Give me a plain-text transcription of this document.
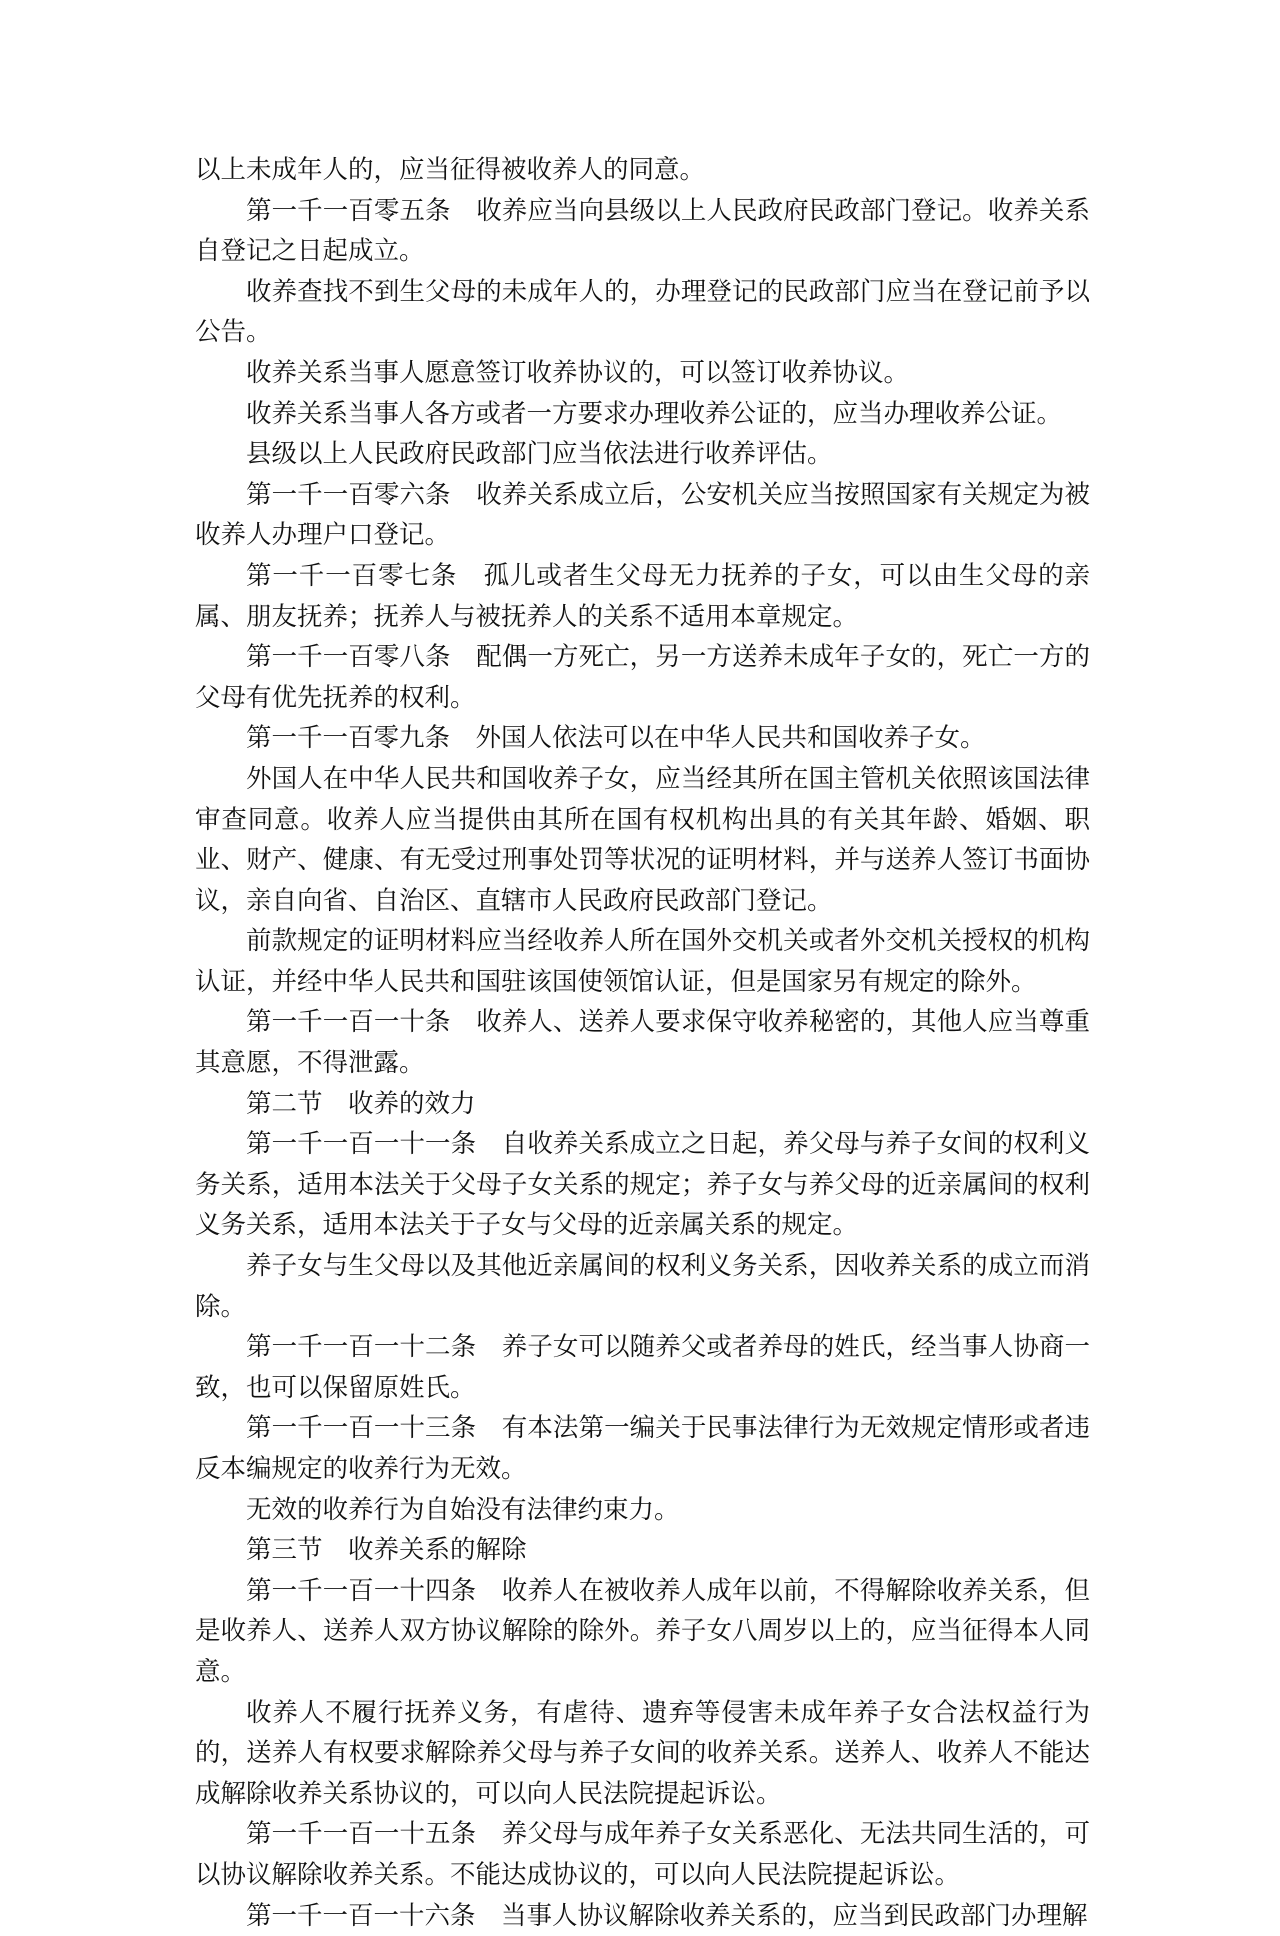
以上未成年人的，应当征得被收养人的同意。

第一千一百零五条　收养应当向县级以上人民政府民政部门登记。收养关系自登记之日起成立。

收养查找不到生父母的未成年人的，办理登记的民政部门应当在登记前予以公告。

收养关系当事人愿意签订收养协议的，可以签订收养协议。

收养关系当事人各方或者一方要求办理收养公证的，应当办理收养公证。

县级以上人民政府民政部门应当依法进行收养评估。

第一千一百零六条　收养关系成立后，公安机关应当按照国家有关规定为被收养人办理户口登记。

第一千一百零七条　孤儿或者生父母无力抚养的子女，可以由生父母的亲属、朋友抚养；抚养人与被抚养人的关系不适用本章规定。

第一千一百零八条　配偶一方死亡，另一方送养未成年子女的，死亡一方的父母有优先抚养的权利。

第一千一百零九条　外国人依法可以在中华人民共和国收养子女。

外国人在中华人民共和国收养子女，应当经其所在国主管机关依照该国法律审查同意。收养人应当提供由其所在国有权机构出具的有关其年龄、婚姻、职业、财产、健康、有无受过刑事处罚等状况的证明材料，并与送养人签订书面协议，亲自向省、自治区、直辖市人民政府民政部门登记。

前款规定的证明材料应当经收养人所在国外交机关或者外交机关授权的机构认证，并经中华人民共和国驻该国使领馆认证，但是国家另有规定的除外。

第一千一百一十条　收养人、送养人要求保守收养秘密的，其他人应当尊重其意愿，不得泄露。

第二节　收养的效力

第一千一百一十一条　自收养关系成立之日起，养父母与养子女间的权利义务关系，适用本法关于父母子女关系的规定；养子女与养父母的近亲属间的权利义务关系，适用本法关于子女与父母的近亲属关系的规定。

养子女与生父母以及其他近亲属间的权利义务关系，因收养关系的成立而消除。

第一千一百一十二条　养子女可以随养父或者养母的姓氏，经当事人协商一致，也可以保留原姓氏。

第一千一百一十三条　有本法第一编关于民事法律行为无效规定情形或者违反本编规定的收养行为无效。

无效的收养行为自始没有法律约束力。

第三节　收养关系的解除

第一千一百一十四条　收养人在被收养人成年以前，不得解除收养关系，但是收养人、送养人双方协议解除的除外。养子女八周岁以上的，应当征得本人同意。

收养人不履行抚养义务，有虐待、遗弃等侵害未成年养子女合法权益行为的，送养人有权要求解除养父母与养子女间的收养关系。送养人、收养人不能达成解除收养关系协议的，可以向人民法院提起诉讼。

第一千一百一十五条　养父母与成年养子女关系恶化、无法共同生活的，可以协议解除收养关系。不能达成协议的，可以向人民法院提起诉讼。

第一千一百一十六条　当事人协议解除收养关系的，应当到民政部门办理解
